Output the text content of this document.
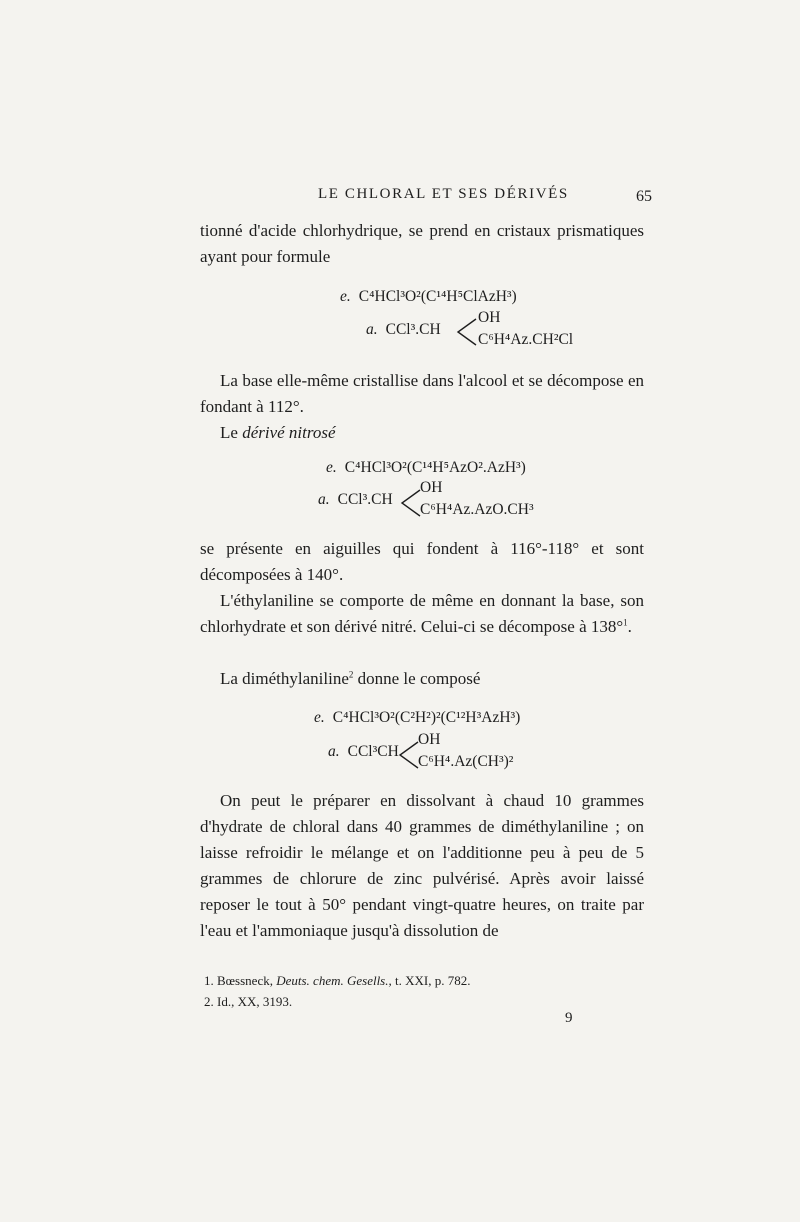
LE CHLORAL ET SES DÉRIVÉS	65

tionné d'acide chlorhydrique, se prend en cristaux prismatiques ayant pour formule

e. C⁴HCl³O²(C¹⁴H⁵ClAzH³)
a. CCl³.CH
OH
C⁶H⁴Az.CH²Cl

La base elle-même cristallise dans l'alcool et se décompose en fondant à 112°.

Le dérivé nitrosé

e. C⁴HCl³O²(C¹⁴H⁵AzO².AzH³)
a. CCl³.CH
OH
C⁶H⁴Az.AzO.CH³

se présente en aiguilles qui fondent à 116°-118° et sont décomposées à 140°.

L'éthylaniline se comporte de même en donnant la base, son chlorhydrate et son dérivé nitré. Celui-ci se décompose à 138°$^1$.

La diméthylaniline$^2$ donne le composé

e. C⁴HCl³O²(C²H²)²(C¹²H³AzH³)
a. CCl³CH
OH
C⁶H⁴.Az(CH³)²

On peut le préparer en dissolvant à chaud 10 grammes d'hydrate de chloral dans 40 grammes de diméthylaniline ; on laisse refroidir le mélange et on l'additionne peu à peu de 5 grammes de chlorure de zinc pulvérisé. Après avoir laissé reposer le tout à 50° pendant vingt-quatre heures, on traite par l'eau et l'ammoniaque jusqu'à dissolution de

1. Bœssneck, Deuts. chem. Gesells., t. XXI, p. 782.
2. Id., XX, 3193.
9
